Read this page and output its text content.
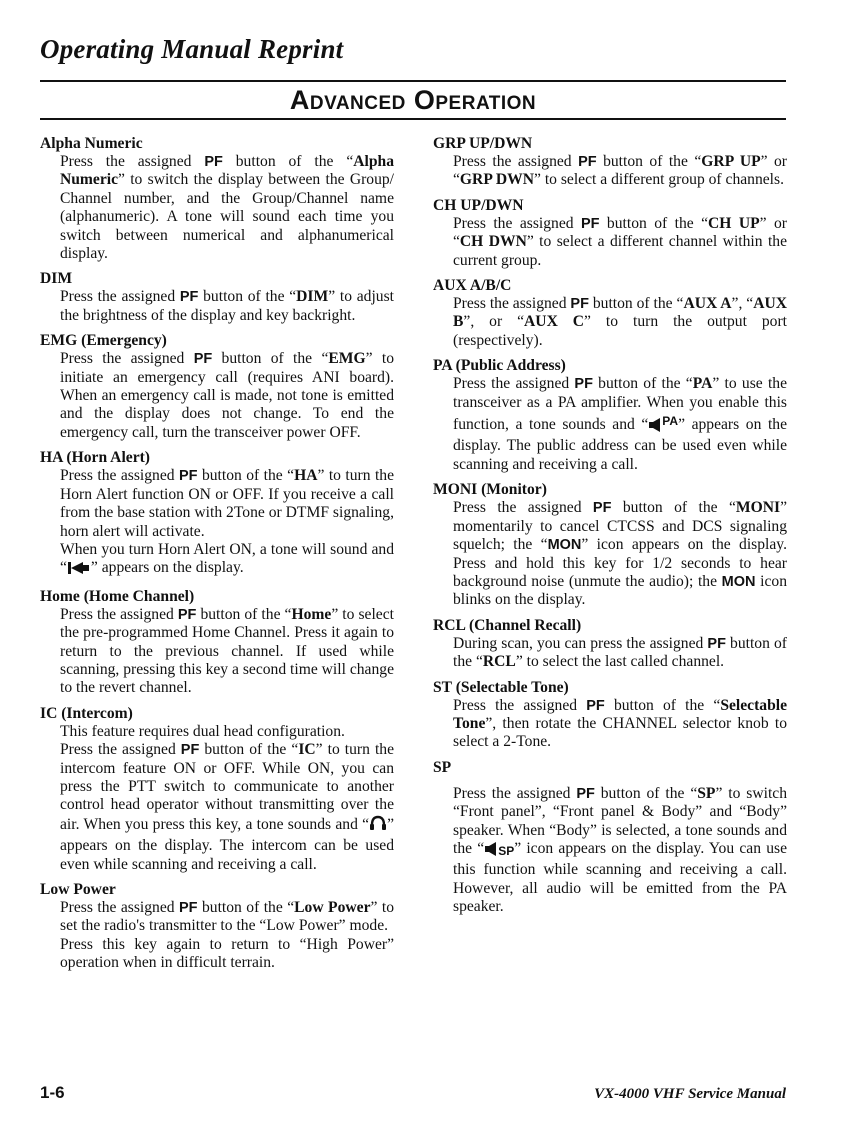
Operating Manual Reprint
Advanced Operation
Alpha Numeric

Press the assigned PF button of the “Alpha Numeric” to switch the display between the Group/ Channel number, and the Group/Channel name (alphanumeric). A tone will sound each time you switch between numerical and alphanumerical display.

DIM

Press the assigned PF button of the “DIM” to adjust the brightness of the display and key backright.

EMG (Emergency)

Press the assigned PF button of the “EMG” to initiate an emergency call (requires ANI board). When an emergency call is made, not tone is emitted and the display does not change. To end the emergency call, turn the transceiver power OFF.

HA (Horn Alert)

Press the assigned PF button of the “HA” to turn the Horn Alert function ON or OFF. If you receive a call from the base station with 2Tone or DTMF signaling, horn alert will activate.
When you turn Horn Alert ON, a tone will sound and “ ” appears on the display.

Home (Home Channel)

Press the assigned PF button of the “Home” to select the pre-programmed Home Channel. Press it again to return to the previous channel. If used while scanning, pressing this key a second time will change to the revert channel.

IC (Intercom)

This feature requires dual head configuration.
Press the assigned PF button of the “IC” to turn the intercom feature ON or OFF. While ON, you can press the PTT switch to communicate to another control head operator without transmitting over the air. When you press this key, a tone sounds and “ ” appears on the display. The intercom can be used even while scanning and receiving a call.

Low Power

Press the assigned PF button of the “Low Power” to set the radio's transmitter to the “Low Power” mode.
Press this key again to return to “High Power” operation when in difficult terrain.

GRP UP/DWN

Press the assigned PF button of the “GRP UP” or “GRP DWN” to select a different group of channels.

CH UP/DWN

Press the assigned PF button of the “CH UP” or “CH DWN” to select a different channel within the current group.

AUX A/B/C

Press the assigned PF button of the “AUX A”, “AUX B”, or “AUX C” to turn the output port (respectively).

PA (Public Address)

Press the assigned PF button of the “PA” to use the transceiver as a PA amplifier. When you enable this function, a tone sounds and “ $^{PA}$” appears on the display. The public address can be used even while scanning and receiving a call.

MONI (Monitor)

Press the assigned PF button of the “MONI” momentarily to cancel CTCSS and DCS signaling squelch; the “MON” icon appears on the display. Press and hold this key for 1/2 seconds to hear background noise (unmute the audio); the MON icon blinks on the display.

RCL (Channel Recall)

During scan, you can press the assigned PF button of the “RCL” to select the last called channel.

ST (Selectable Tone)

Press the assigned PF button of the “Selectable Tone”, then rotate the CHANNEL selector knob to select a 2-Tone.

SP

Press the assigned PF button of the “SP” to switch “Front panel”, “Front panel & Body” and “Body” speaker. When “Body” is selected, a tone sounds and the “ SP” icon appears on the display. You can use this function while scanning and receiving a call. However, all audio will be emitted from the PA speaker.

1-6	VX-4000 VHF Service Manual
